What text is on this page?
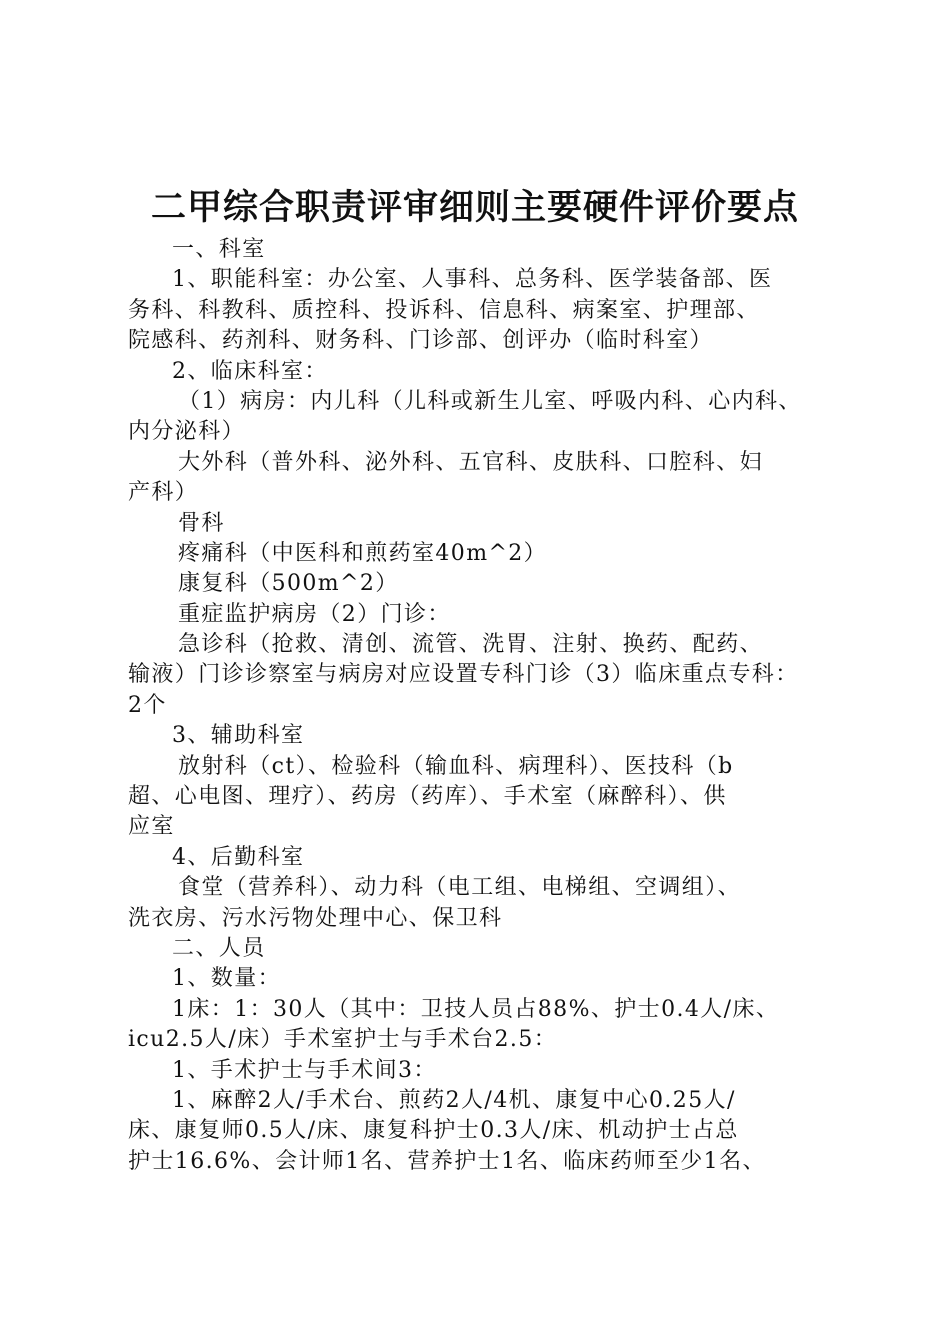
二甲综合职责评审细则主要硬件评价要点
一、科室
1、职能科室：办公室、人事科、总务科、医学装备部、医
务科、科教科、质控科、投诉科、信息科、病案室、护理部、
院感科、药剂科、财务科、门诊部、创评办（临时科室）
2、临床科室：
（1）病房：内儿科（儿科或新生儿室、呼吸内科、心内科、
内分泌科）
大外科（普外科、泌外科、五官科、皮肤科、口腔科、妇
产科）
骨科
疼痛科（中医科和煎药室40m^2）
康复科（500m^2）
重症监护病房（2）门诊：
急诊科（抢救、清创、流管、洗胃、注射、换药、配药、
输液）门诊诊察室与病房对应设置专科门诊（3）临床重点专科：
2个
3、辅助科室
放射科（ct）、检验科（输血科、病理科）、医技科（b
超、心电图、理疗）、药房（药库）、手术室（麻醉科）、供
应室
4、后勤科室
食堂（营养科）、动力科（电工组、电梯组、空调组）、
洗衣房、污水污物处理中心、保卫科
二、人员
1、数量：
1床：1：30人（其中：卫技人员占88%、护士0.4人/床、
icu2.5人/床）手术室护士与手术台2.5：
1、手术护士与手术间3：
1、麻醉2人/手术台、煎药2人/4机、康复中心0.25人/
床、康复师0.5人/床、康复科护士0.3人/床、机动护士占总
护士16.6%、会计师1名、营养护士1名、临床药师至少1名、
